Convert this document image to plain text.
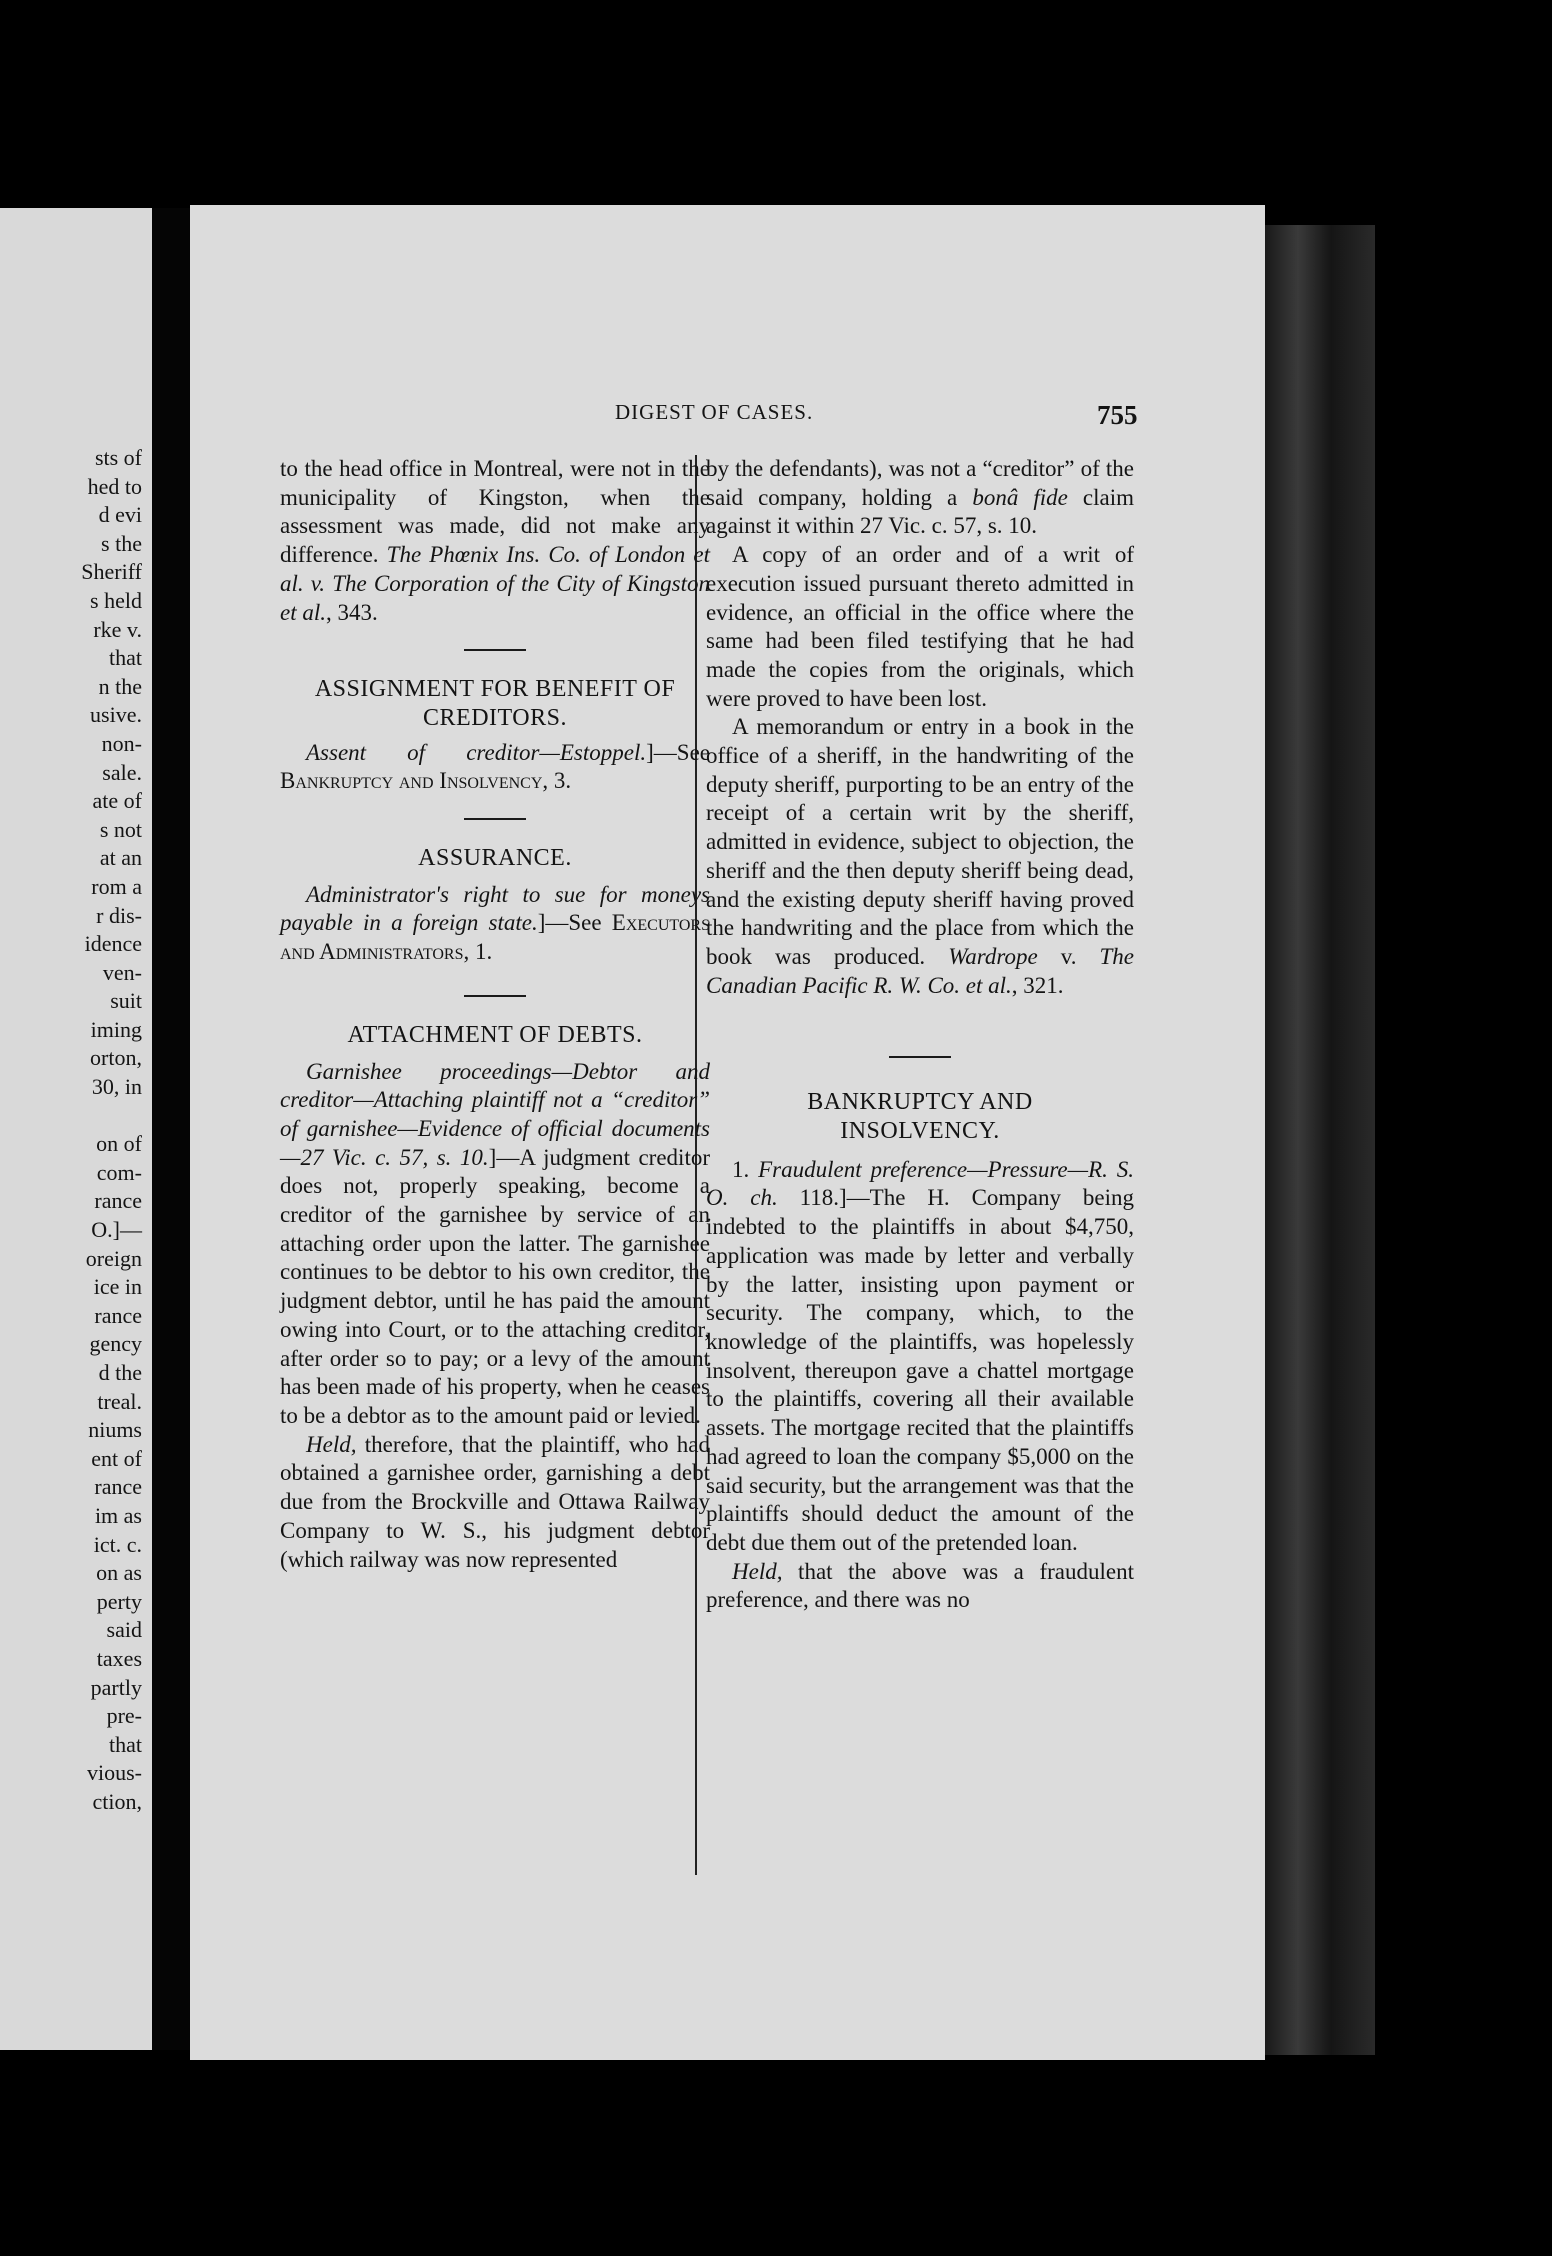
sts of
hed to
d evi
s the
Sheriff
s held
rke v.
that
n the
usive.
non-
sale.
ate of
s not
at an
rom a
r dis-
idence
ven-
suit
iming
orton,
30, in

on of
com-
rance
O.]—
oreign
ice in
rance
gency
d the
treal.
niums
ent of
rance
im as
ict. c.
on as
perty
said
taxes
partly
pre-
that
vious-
ction,
DIGEST OF CASES.	755

to the head office in Montreal, were not in the municipality of Kingston, when the assessment was made, did not make any difference. The Phœnix Ins. Co. of London et al. v. The Corporation of the City of Kingston et al., 343.

ASSIGNMENT FOR BENEFIT OF CREDITORS.

Assent of creditor—Estoppel.]—See Bankruptcy and Insolvency, 3.

ASSURANCE.

Administrator's right to sue for moneys payable in a foreign state.]—See Executors and Administrators, 1.

ATTACHMENT OF DEBTS.

Garnishee proceedings—Debtor and creditor—Attaching plaintiff not a “creditor” of garnishee—Evidence of official documents—27 Vic. c. 57, s. 10.]—A judgment creditor does not, properly speaking, become a creditor of the garnishee by service of an attaching order upon the latter. The garnishee continues to be debtor to his own creditor, the judgment debtor, until he has paid the amount owing into Court, or to the attaching creditor, after order so to pay; or a levy of the amount has been made of his property, when he ceases to be a debtor as to the amount paid or levied.

Held, therefore, that the plaintiff, who had obtained a garnishee order, garnishing a debt due from the Brockville and Ottawa Railway Company to W. S., his judgment debtor (which railway was now represented

by the defendants), was not a “creditor” of the said company, holding a bonâ fide claim against it within 27 Vic. c. 57, s. 10.

A copy of an order and of a writ of execution issued pursuant thereto admitted in evidence, an official in the office where the same had been filed testifying that he had made the copies from the originals, which were proved to have been lost.

A memorandum or entry in a book in the office of a sheriff, in the handwriting of the deputy sheriff, purporting to be an entry of the receipt of a certain writ by the sheriff, admitted in evidence, subject to objection, the sheriff and the then deputy sheriff being dead, and the existing deputy sheriff having proved the handwriting and the place from which the book was produced. Wardrope v. The Canadian Pacific R. W. Co. et al., 321.

BANKRUPTCY AND INSOLVENCY.

1. Fraudulent preference—Pressure—R. S. O. ch. 118.]—The H. Company being indebted to the plaintiffs in about $4,750, application was made by letter and verbally by the latter, insisting upon payment or security. The company, which, to the knowledge of the plaintiffs, was hopelessly insolvent, thereupon gave a chattel mortgage to the plaintiffs, covering all their available assets. The mortgage recited that the plaintiffs had agreed to loan the company $5,000 on the said security, but the arrangement was that the plaintiffs should deduct the amount of the debt due them out of the pretended loan.

Held, that the above was a fraudulent preference, and there was no
